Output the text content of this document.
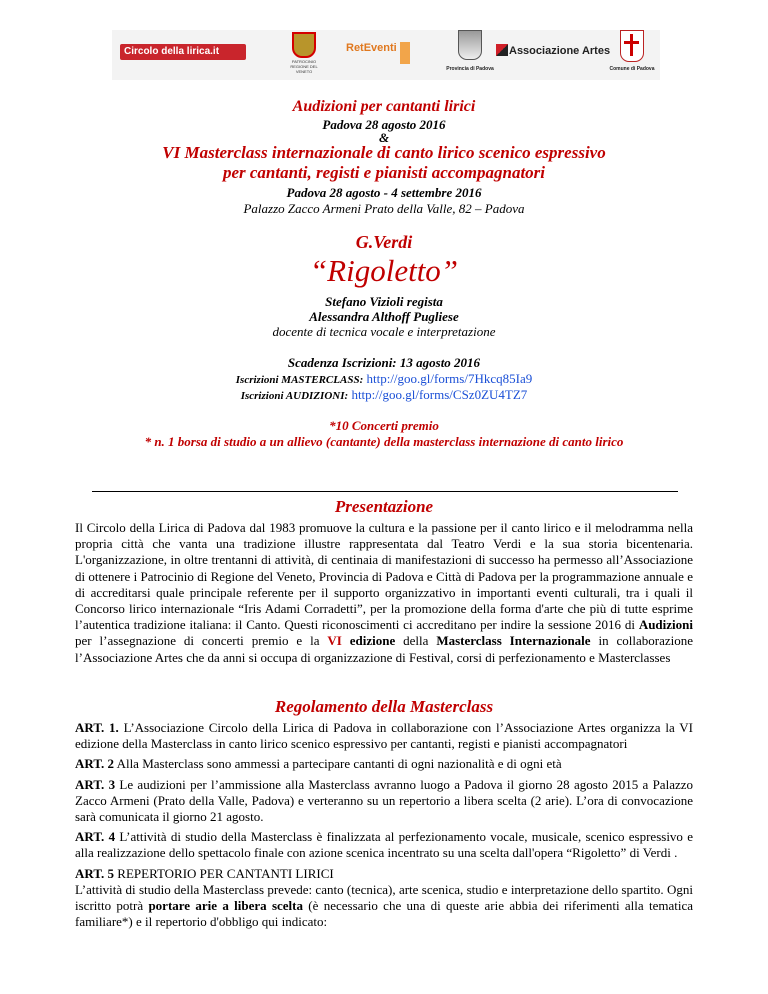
Circolo della lirica.it
PATROCINIO REGIONE DEL VENETO
RetEventi
Provincia di Padova
Associazione Artes
Comune di Padova
Audizioni per cantanti lirici
Padova 28 agosto 2016
&
VI Masterclass internazionale di canto lirico scenico espressivo
per cantanti, registi e pianisti accompagnatori
Padova 28 agosto - 4 settembre 2016
Palazzo Zacco Armeni Prato della Valle, 82 – Padova
G.Verdi
“Rigoletto”
Stefano Vizioli regista
Alessandra Althoff Pugliese
docente di tecnica vocale e interpretazione
Scadenza Iscrizioni: 13 agosto 2016
Iscrizioni MASTERCLASS: http://goo.gl/forms/7Hkcq85Ia9
Iscrizioni AUDIZIONI: http://goo.gl/forms/CSz0ZU4TZ7
*10 Concerti premio
* n. 1 borsa di studio a un allievo (cantante) della masterclass internazione di canto lirico
Presentazione

Il Circolo della Lirica di Padova dal 1983 promuove la cultura e la passione per il canto lirico e il melodramma nella propria città che vanta una tradizione illustre rappresentata dal Teatro Verdi e la sua storia bicentenaria. L'organizzazione, in oltre trentanni di attività, di centinaia di manifestazioni di successo ha permesso all’Associazione di ottenere i Patrocinio di Regione del Veneto, Provincia di Padova e Città di Padova per la programmazione annuale e di accreditarsi quale principale referente per il supporto organizzativo in importanti eventi culturali, tra i quali il Concorso lirico internazionale “Iris Adami Corradetti”, per la promozione della forma d'arte che più di tutte esprime l’autentica tradizione italiana: il Canto. Questi riconoscimenti ci accreditano per indire la sessione 2016 di Audizioni per l’assegnazione di concerti premio e la VI edizione della Masterclass Internazionale in collaborazione l’Associazione Artes che da anni si occupa di organizzazione di Festival, corsi di perfezionamento e Masterclasses

Regolamento della Masterclass

ART. 1. L’Associazione Circolo della Lirica di Padova in collaborazione con l’Associazione Artes organizza la VI edizione della Masterclass in canto lirico scenico espressivo per cantanti, registi e pianisti accompagnatori

ART. 2 Alla Masterclass sono ammessi a partecipare cantanti di ogni nazionalità e di ogni età

ART. 3 Le audizioni per l’ammissione alla Masterclass avranno luogo a Padova il giorno 28 agosto 2015 a Palazzo Zacco Armeni (Prato della Valle, Padova) e verteranno su un repertorio a libera scelta (2 arie). L’ora di convocazione sarà comunicata il giorno 21 agosto.

ART. 4 L’attività di studio della Masterclass è finalizzata al perfezionamento vocale, musicale, scenico espressivo e alla realizzazione dello spettacolo finale con azione scenica incentrato su una scelta dall'opera “Rigoletto” di Verdi .

ART. 5 REPERTORIO PER CANTANTI LIRICI

L’attività di studio della Masterclass prevede: canto (tecnica), arte scenica, studio e interpretazione dello spartito. Ogni iscritto potrà portare arie a libera scelta (è necessario che una di queste arie abbia dei riferimenti alla tematica familiare*) e il repertorio d'obbligo qui indicato:
